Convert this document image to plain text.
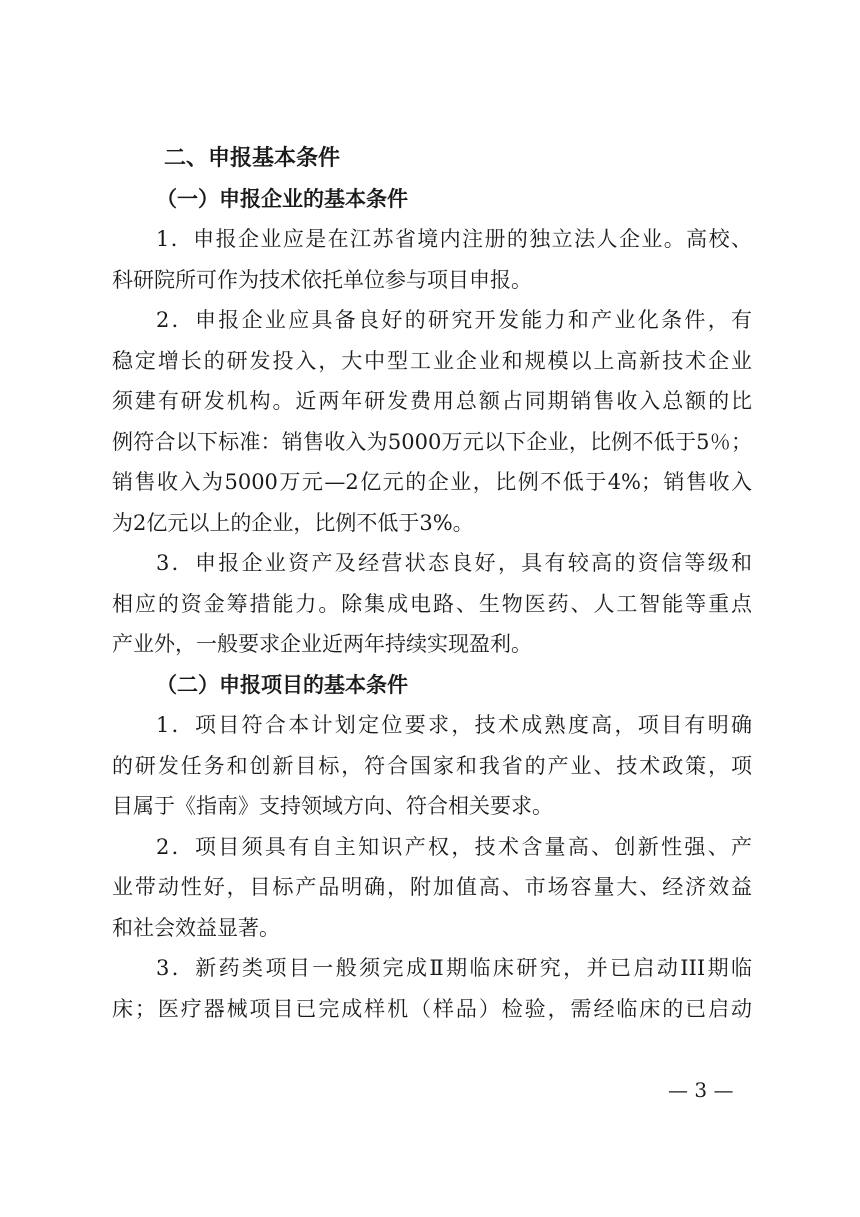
二、申报基本条件
（一）申报企业的基本条件
1．申报企业应是在江苏省境内注册的独立法人企业。高校、
科研院所可作为技术依托单位参与项目申报。
2．申报企业应具备良好的研究开发能力和产业化条件，有
稳定增长的研发投入，大中型工业企业和规模以上高新技术企业
须建有研发机构。近两年研发费用总额占同期销售收入总额的比
例符合以下标准：销售收入为5000万元以下企业，比例不低于5％；
销售收入为5000万元—2亿元的企业，比例不低于4%；销售收入
为2亿元以上的企业，比例不低于3%。
3．申报企业资产及经营状态良好，具有较高的资信等级和
相应的资金筹措能力。除集成电路、生物医药、人工智能等重点
产业外，一般要求企业近两年持续实现盈利。
（二）申报项目的基本条件
1．项目符合本计划定位要求，技术成熟度高，项目有明确
的研发任务和创新目标，符合国家和我省的产业、技术政策，项
目属于《指南》支持领域方向、符合相关要求。
2．项目须具有自主知识产权，技术含量高、创新性强、产
业带动性好，目标产品明确，附加值高、市场容量大、经济效益
和社会效益显著。
3．新药类项目一般须完成Ⅱ期临床研究，并已启动III期临
床；医疗器械项目已完成样机（样品）检验，需经临床的已启动
— 3 —
